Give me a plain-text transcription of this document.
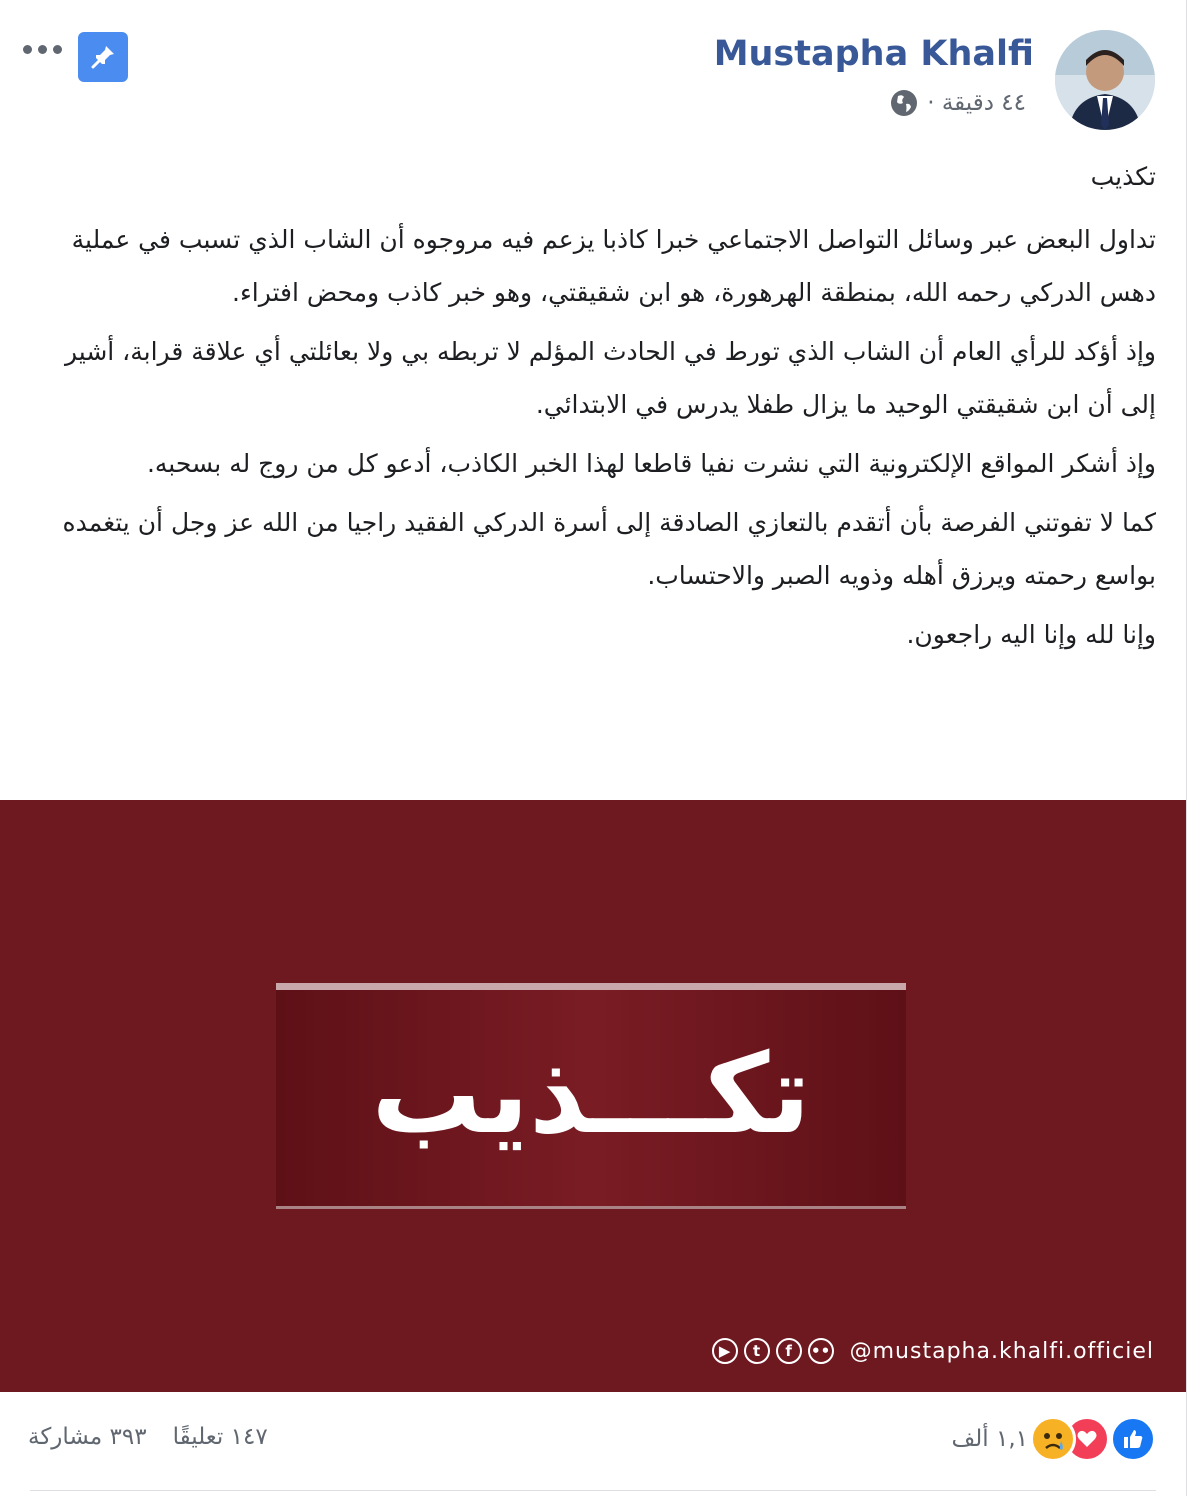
Mustapha Khalfi
٤٤ دقيقة ·

تكذيب

تداول البعض عبر وسائل التواصل الاجتماعي خبرا كاذبا يزعم فيه مروجوه أن الشاب الذي تسبب في عملية دهس الدركي رحمه الله، بمنطقة الهرهورة، هو ابن شقيقتي، وهو خبر كاذب ومحض افتراء.

وإذ أؤكد للرأي العام أن الشاب الذي تورط في الحادث المؤلم لا تربطه بي ولا بعائلتي أي علاقة قرابة، أشير إلى أن ابن شقيقتي الوحيد ما يزال طفلا يدرس في الابتدائي.

وإذ أشكر المواقع الإلكترونية التي نشرت نفيا قاطعا لهذا الخبر الكاذب، أدعو كل من روج له بسحبه.

كما لا تفوتني الفرصة بأن أتقدم بالتعازي الصادقة إلى أسرة الدركي الفقيد راجيا من الله عز وجل أن يتغمده بواسع رحمته ويرزق أهله وذويه الصبر والاحتساب.

وإنا لله وإنا اليه راجعون.

تكـــذيب
▶	t	f	•• @mustapha.khalfi.officiel
١,١ ألف
١٤٧ تعليقًا
٣٩٣ مشاركة
